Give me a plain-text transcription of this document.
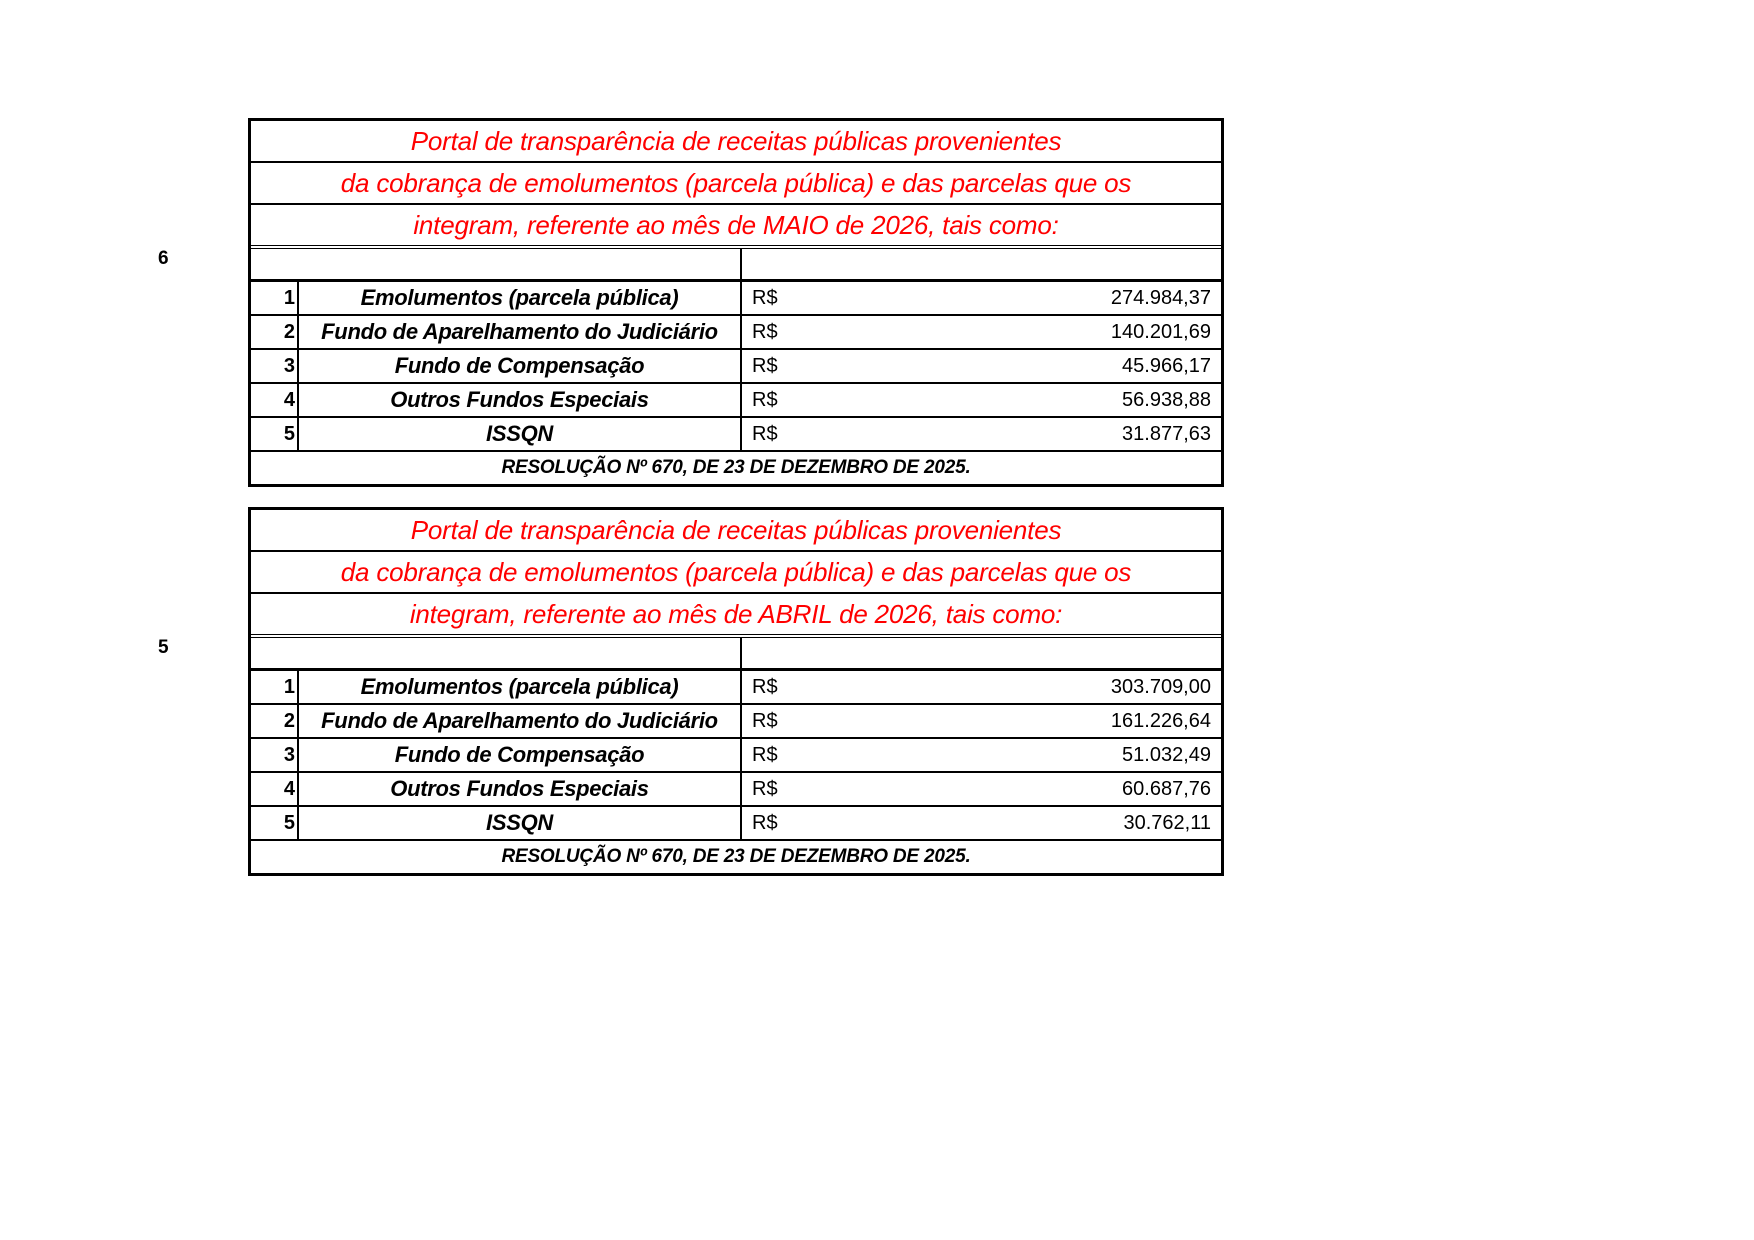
6
Portal de transparência de receitas públicas provenientes
da cobrança de emolumentos (parcela pública) e das parcelas que os
integram, referente ao mês de MAIO de 2026, tais como:
1	Emolumentos (parcela pública)	R$	274.984,37
2	Fundo de Aparelhamento do Judiciário	R$	140.201,69
3	Fundo de Compensação	R$	45.966,17
4	Outros Fundos Especiais	R$	56.938,88
5	ISSQN	R$	31.877,63
RESOLUÇÃO Nº 670, DE 23 DE DEZEMBRO DE 2025.
5
Portal de transparência de receitas públicas provenientes
da cobrança de emolumentos (parcela pública) e das parcelas que os
integram, referente ao mês de ABRIL de 2026, tais como:
1	Emolumentos (parcela pública)	R$	303.709,00
2	Fundo de Aparelhamento do Judiciário	R$	161.226,64
3	Fundo de Compensação	R$	51.032,49
4	Outros Fundos Especiais	R$	60.687,76
5	ISSQN	R$	30.762,11
RESOLUÇÃO Nº 670, DE 23 DE DEZEMBRO DE 2025.
